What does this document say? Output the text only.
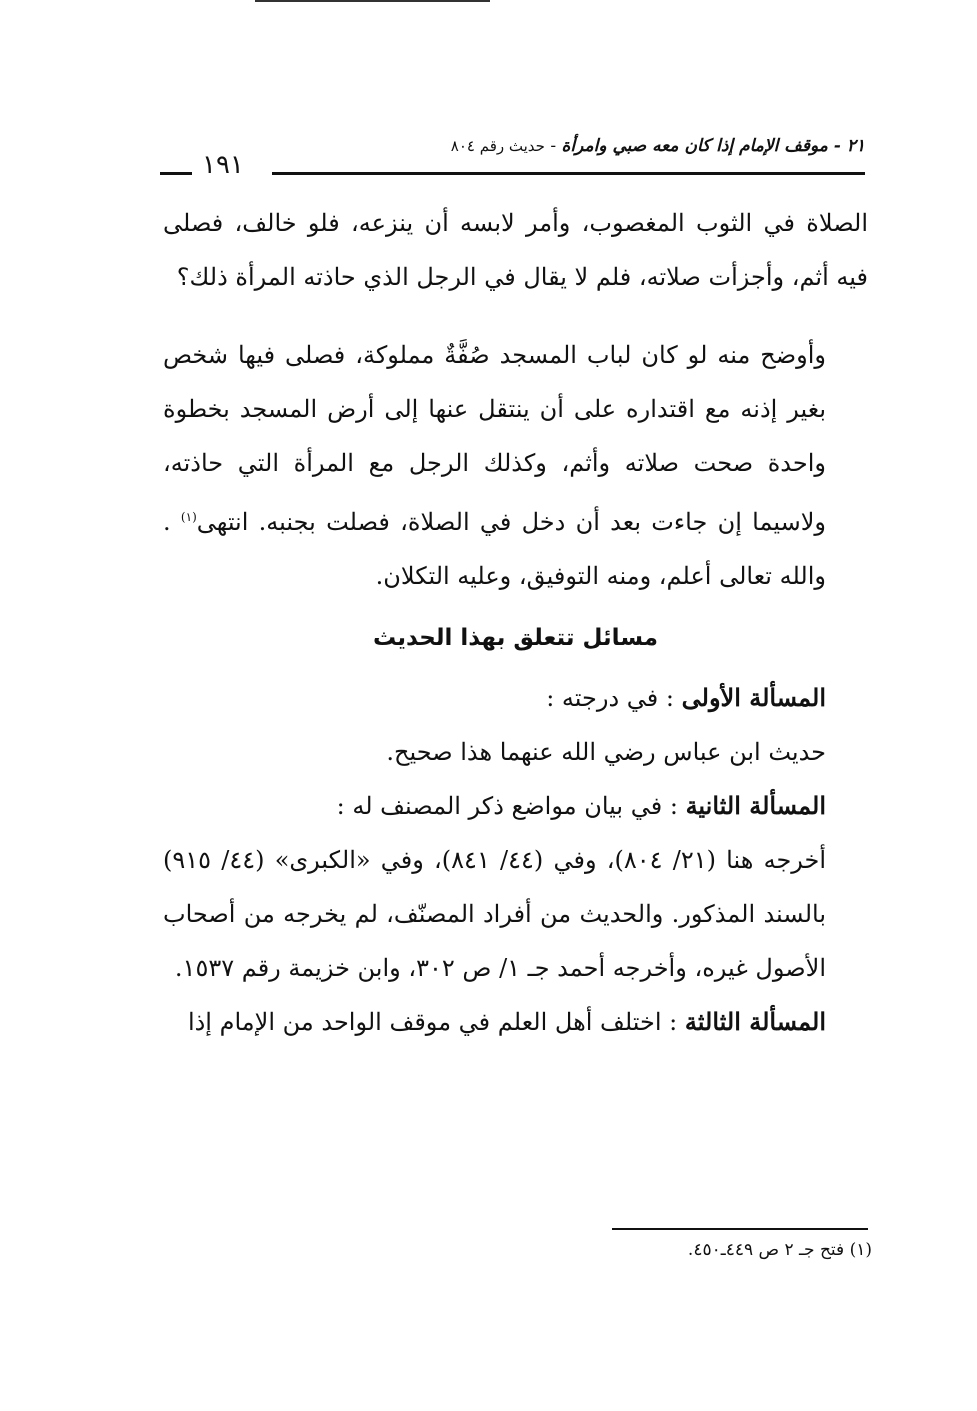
٢١ - موقف الإمام إذا كان معه صبي وامرأة - حديث رقم ٨٠٤
١٩١

الصلاة في الثوب المغصوب، وأمر لابسه أن ينزعه، فلو خالف، فصلى فيه أثم، وأجزأت صلاته، فلم لا يقال في الرجل الذي حاذته المرأة ذلك؟

وأوضح منه لو كان لباب المسجد صُفَّةٌ مملوكة، فصلى فيها شخص بغير إذنه مع اقتداره على أن ينتقل عنها إلى أرض المسجد بخطوة واحدة صحت صلاته وأثم، وكذلك الرجل مع المرأة التي حاذته، ولاسيما إن جاءت بعد أن دخل في الصلاة، فصلت بجنبه. انتهى$^{(١)}$ . والله تعالى أعلم، ومنه التوفيق، وعليه التكلان.

مسائل تتعلق بهذا الحديث

المسألة الأولى : في درجته :

حديث ابن عباس رضي الله عنهما هذا صحيح.

المسألة الثانية : في بيان مواضع ذكر المصنف له :

أخرجه هنا (٢١/ ٨٠٤)، وفي (٤٤/ ٨٤١)، وفي «الكبرى» (٤٤/ ٩١٥) بالسند المذكور. والحديث من أفراد المصنّف، لم يخرجه من أصحاب الأصول غيره، وأخرجه أحمد جـ ١/ ص ٣٠٢، وابن خزيمة رقم ١٥٣٧.

المسألة الثالثة : اختلف أهل العلم في موقف الواحد من الإمام إذا

(١) فتح جـ ٢ ص ٤٤٩ـ٤٥٠.
